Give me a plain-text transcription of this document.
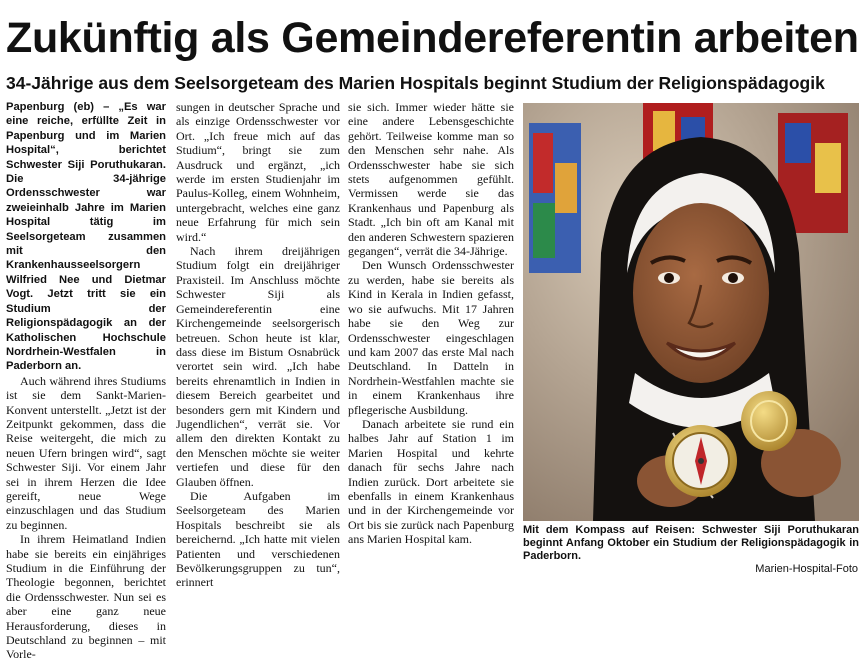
Zukünftig als Gemeindereferentin arbeiten
34-Jährige aus dem Seelsorgeteam des Marien Hospitals beginnt Studium der Religionspädagogik

Papenburg (eb) – „Es war eine reiche, erfüllte Zeit in Papenburg und im Marien Hospital“, berichtet Schwester Siji Poruthukaran. Die 34-jährige Ordensschwester war zweieinhalb Jahre im Marien Hospital tätig im Seelsorgeteam zusammen mit den Krankenhausseelsorgern Wilfried Nee und Dietmar Vogt. Jetzt tritt sie ein Studium der Religionspädagogik an der Katholischen Hochschule Nordrhein-Westfalen in Paderborn an.

Auch während ihres Studiums ist sie dem Sankt-Marien-Konvent unterstellt. „Jetzt ist der Zeitpunkt gekommen, dass die Reise weitergeht, die mich zu neuen Ufern bringen wird“, sagt Schwester Siji. Vor einem Jahr sei in ihrem Herzen die Idee gereift, neue Wege einzuschlagen und das Studium zu beginnen.

In ihrem Heimatland Indien habe sie bereits ein einjähriges Studium in die Einführung der Theologie begonnen, berichtet die Ordensschwester. Nun sei es aber eine ganz neue Herausforderung, dieses in Deutschland zu beginnen – mit Vorle-

sungen in deutscher Sprache und als einzige Ordensschwester vor Ort. „Ich freue mich auf das Studium“, bringt sie zum Ausdruck und ergänzt, „ich werde im ersten Studienjahr im Paulus-Kolleg, einem Wohnheim, untergebracht, welches eine ganz neue Erfahrung für mich sein wird.“

Nach ihrem dreijährigen Studium folgt ein dreijähriger Praxisteil. Im Anschluss möchte Schwester Siji als Gemeindereferentin eine Kirchengemeinde seelsorgerisch betreuen. Schon heute ist klar, dass diese im Bistum Osnabrück verortet sein wird. „Ich habe bereits ehrenamtlich in Indien in diesem Bereich gearbeitet und besonders gern mit Kindern und Jugendlichen“, verrät sie. Vor allem den direkten Kontakt zu den Menschen möchte sie weiter vertiefen und diese für den Glauben öffnen.

Die Aufgaben im Seelsorgeteam des Marien Hospitals beschreibt sie als bereichernd. „Ich hatte mit vielen Patienten und verschiedenen Bevölkerungsgruppen zu tun“, erinnert

sie sich. Immer wieder hätte sie eine andere Lebensgeschichte gehört. Teilweise komme man so den Menschen sehr nahe. Als Ordensschwester habe sie sich stets aufgenommen gefühlt. Vermissen werde sie das Krankenhaus und Papenburg als Stadt. „Ich bin oft am Kanal mit den anderen Schwestern spazieren gegangen“, verrät die 34-Jährige.

Den Wunsch Ordensschwester zu werden, habe sie bereits als Kind in Kerala in Indien gefasst, wo sie aufwuchs. Mit 17 Jahren habe sie den Weg zur Ordensschwester eingeschlagen und kam 2007 das erste Mal nach Deutschland. In Datteln in Nordrhein-Westfahlen machte sie in einem Krankenhaus ihre pflegerische Ausbildung.

Danach arbeitete sie rund ein halbes Jahr auf Station 1 im Marien Hospital und kehrte danach für sechs Jahre nach Indien zurück. Dort arbeitete sie ebenfalls in einem Krankenhaus und in der Kirchengemeinde vor Ort bis sie zurück nach Papenburg ans Marien Hospital kam.

Mit dem Kompass auf Reisen: Schwester Siji Poruthukaran beginnt Anfang Oktober ein Studium der Religionspädagogik in Paderborn.

Marien-Hospital-Foto
